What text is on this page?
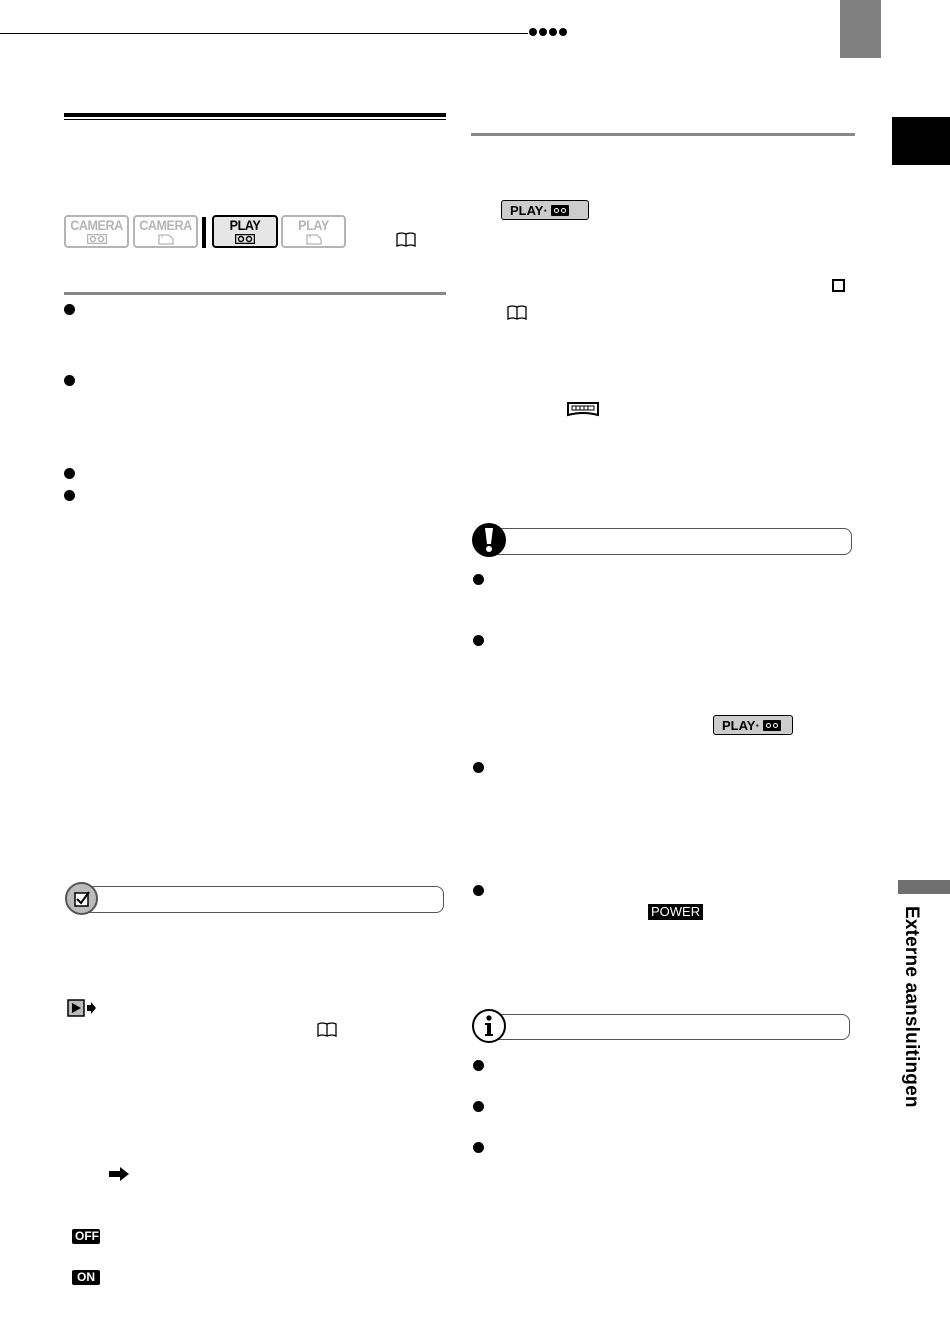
Externe aansluitingen
CAMERA CAMERA	PLAY	PLAY
OFF
ON
PLAY·
PLAY·
POWER
